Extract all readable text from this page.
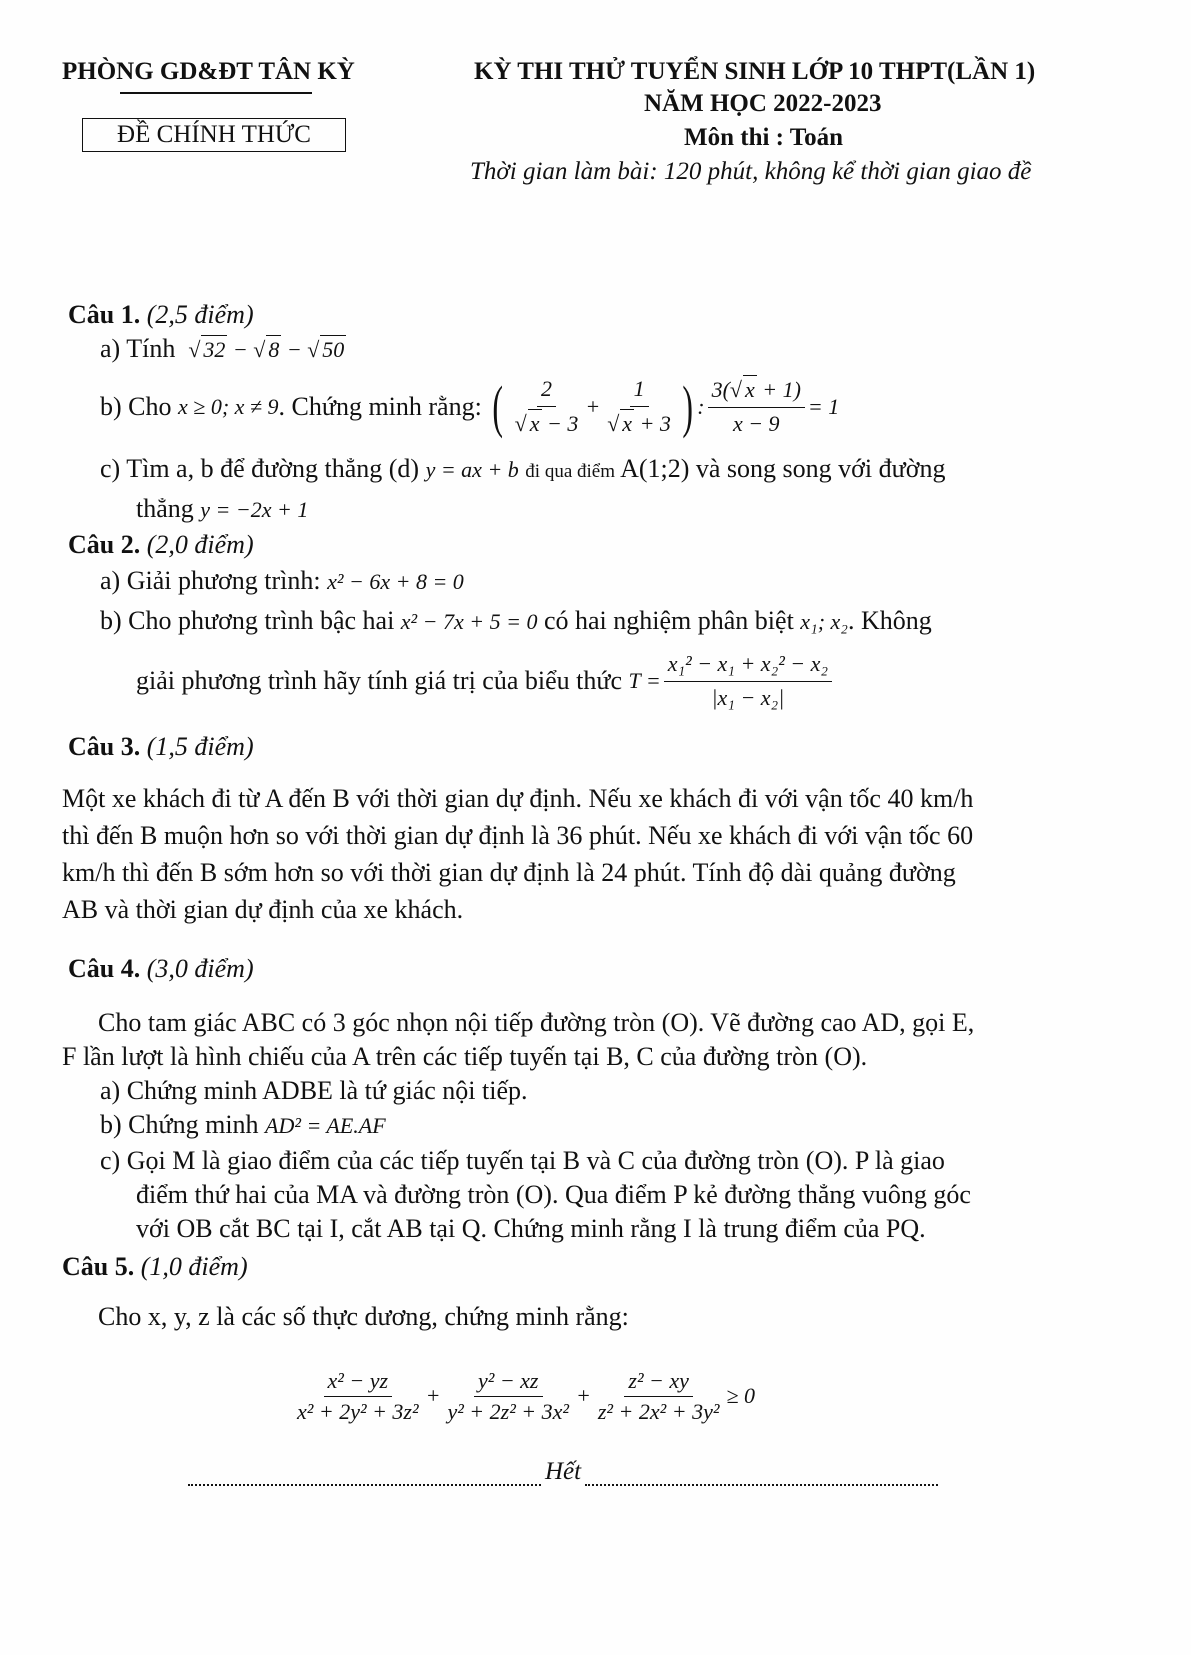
PHÒNG GD&ĐT TÂN KỲ
ĐỀ CHÍNH THỨC
KỲ THI THỬ TUYỂN SINH LỚP 10 THPT(LẦN 1)
NĂM HỌC 2022-2023
Môn thi : Toán
Thời gian làm bài: 120 phút, không kể thời gian giao đề
Câu 1. (2,5 điểm)
a) Tính √ 32 − √ 8 − √ 50
b) Cho
x ≥ 0; x ≠ 9 . Chứng minh rằng:
( $\frac{2}{√ x - 3} + \frac{1}{√ x + 3}$ ) : $\frac{3(√ x + 1)}{x - 9} = 1$
c) Tìm a, b để đường thẳng (d) y = ax + b đi qua điểm A(1;2) và song song với đường
thẳng y = −2x + 1
Câu 2. (2,0 điểm)
a) Giải phương trình: x² − 6x + 8 = 0
b) Cho phương trình bậc hai x² − 7x + 5 = 0 có hai nghiệm phân biệt x₁; x₂. Không
giải phương trình hãy tính giá trị của biểu thức
$T = \frac{\text{x₁² − x₁ + x₂² − x₂}}{\text{|x₁ − x₂|}}$
Câu 3. (1,5 điểm)
Một xe khách đi từ A đến B với thời gian dự định. Nếu xe khách đi với vận tốc 40 km/h
thì đến B muộn hơn so với thời gian dự định là 36 phút. Nếu xe khách đi với vận tốc 60
km/h thì đến B sớm hơn so với thời gian dự định là 24 phút. Tính độ dài quảng đường
AB và thời gian dự định của xe khách.
Câu 4. (3,0 điểm)
Cho tam giác ABC có 3 góc nhọn nội tiếp đường tròn (O). Vẽ đường cao AD, gọi E,
F lần lượt là hình chiếu của A trên các tiếp tuyến tại B, C của đường tròn (O).
a) Chứng minh ADBE là tứ giác nội tiếp.
b) Chứng minh AD² = AE.AF
c) Gọi M là giao điểm của các tiếp tuyến tại B và C của đường tròn (O). P là giao
điểm thứ hai của MA và đường tròn (O). Qua điểm P kẻ đường thẳng vuông góc
với OB cắt BC tại I, cắt AB tại Q. Chứng minh rằng I là trung điểm của PQ.
Câu 5. (1,0 điểm)
Cho x, y, z là các số thực dương, chứng minh rằng:
$\frac{\text{x² − yz}}{\text{x² + 2y² + 3z²}} + \frac{\text{y² − xz}}{\text{y² + 2z² + 3x²}} + \frac{\text{z² − xy}}{\text{z² + 2x² + 3y²}} \ge 0$
Hết
